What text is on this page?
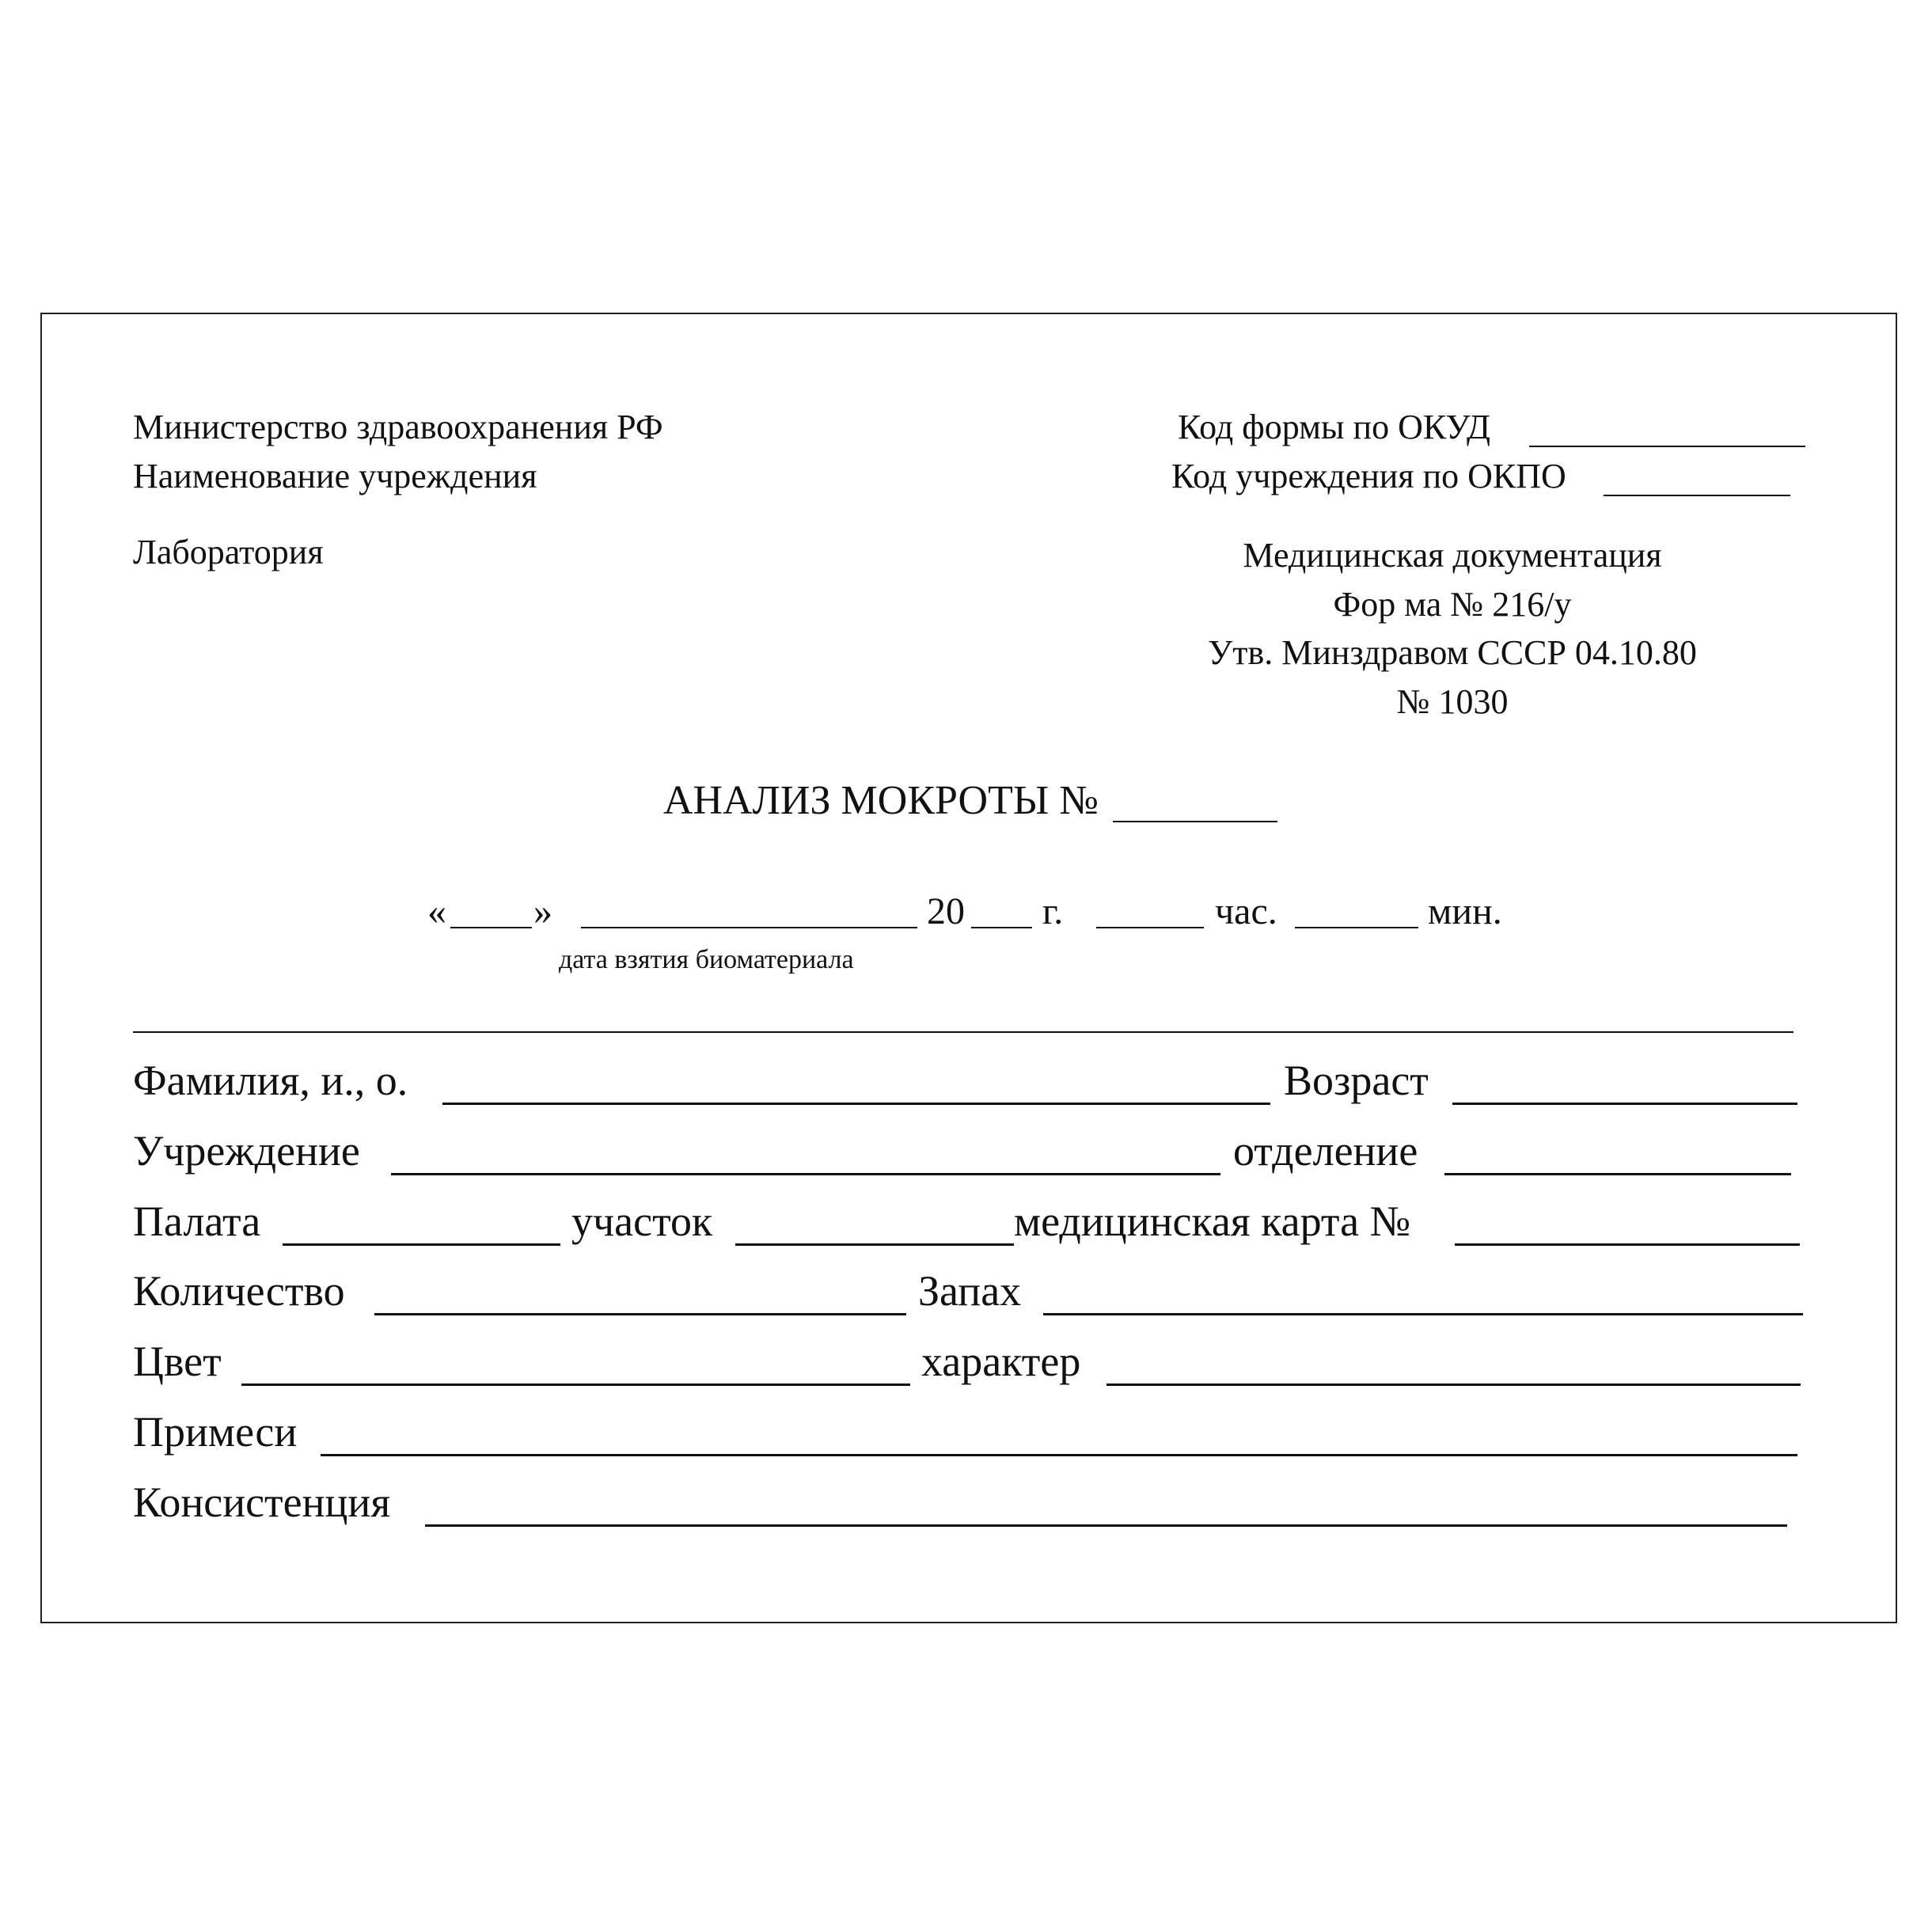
Министерство здравоохранения РФ
Наименование учреждения
Лаборатория
Код формы по ОКУД
Код учреждения по ОКПО
Медицинская документация
Фор ма № 216/у
Утв. Минздравом СССР 04.10.80
№ 1030
АНАЛИЗ МОКРОТЫ №
« »	20 г.	час.	мин.
дата взятия биоматериала
Фамилия, и., о.	Возраст
Учреждение	отделение
Палата	участок	медицинская карта №
Количество	Запах
Цвет	характер
Примеси
Консистенция
